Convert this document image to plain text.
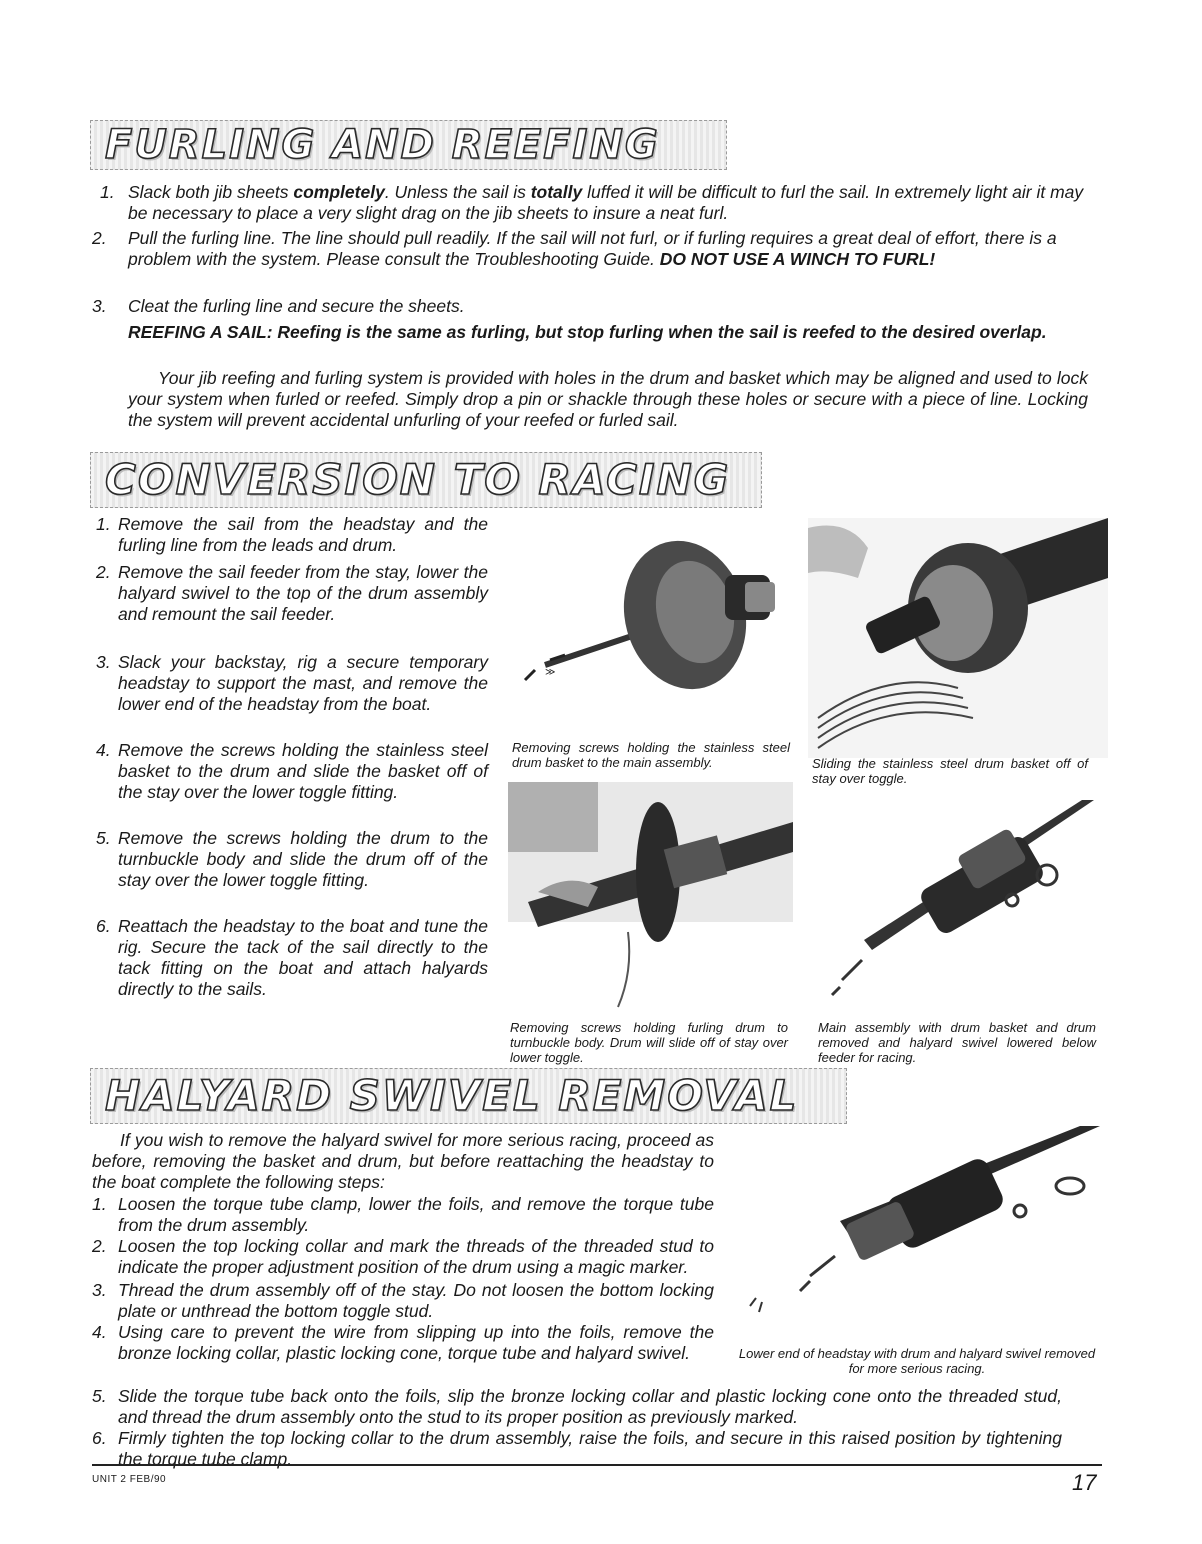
FURLING AND REEFING
1. Slack both jib sheets completely. Unless the sail is totally luffed it will be difficult to furl the sail. In extremely light air it may be necessary to place a very slight drag on the jib sheets to insure a neat furl.
2. Pull the furling line. The line should pull readily. If the sail will not furl, or if furling requires a great deal of effort, there is a problem with the system. Please consult the Troubleshooting Guide. DO NOT USE A WINCH TO FURL!
3. Cleat the furling line and secure the sheets.
REEFING A SAIL: Reefing is the same as furling, but stop furling when the sail is reefed to the desired overlap.
Your jib reefing and furling system is provided with holes in the drum and basket which may be aligned and used to lock your system when furled or reefed. Simply drop a pin or shackle through these holes or secure with a piece of line. Locking the system will prevent accidental unfurling of your reefed or furled sail.
CONVERSION TO RACING
1. Remove the sail from the headstay and the furling line from the leads and drum.
2. Remove the sail feeder from the stay, lower the halyard swivel to the top of the drum assembly and remount the sail feeder.
3. Slack your backstay, rig a secure temporary headstay to support the mast, and remove the lower end of the headstay from the boat.
4. Remove the screws holding the stainless steel basket to the drum and slide the basket off of the stay over the lower toggle fitting.
5. Remove the screws holding the drum to the turnbuckle body and slide the drum off of the stay over the lower toggle fitting.
6. Reattach the headstay to the boat and tune the rig. Secure the tack of the sail directly to the tack fitting on the boat and attach halyards directly to the sails.
≫
Removing screws holding the stainless steel drum basket to the main assembly.	Sliding the stainless steel drum basket off of stay over toggle.
Removing screws holding furling drum to turnbuckle body. Drum will slide off of stay over lower toggle.
Main assembly with drum basket and drum removed and halyard swivel lowered below feeder for racing.
HALYARD SWIVEL REMOVAL
If you wish to remove the halyard swivel for more serious racing, proceed as before, removing the basket and drum, but before reattaching the headstay to the boat complete the following steps:
1. Loosen the torque tube clamp, lower the foils, and remove the torque tube from the drum assembly.
2. Loosen the top locking collar and mark the threads of the threaded stud to indicate the proper adjustment position of the drum using a magic marker.
3. Thread the drum assembly off of the stay. Do not loosen the bottom locking plate or unthread the bottom toggle stud.
4. Using care to prevent the wire from slipping up into the foils, remove the bronze locking collar, plastic locking cone, torque tube and halyard swivel.
5. Slide the torque tube back onto the foils, slip the bronze locking collar and plastic locking cone onto the threaded stud, and thread the drum assembly onto the stud to its proper position as previously marked.
6. Firmly tighten the top locking collar to the drum assembly, raise the foils, and secure in this raised position by tightening the torque tube clamp.
Lower end of headstay with drum and halyard swivel removed for more serious racing.
UNIT 2 FEB/90	17
